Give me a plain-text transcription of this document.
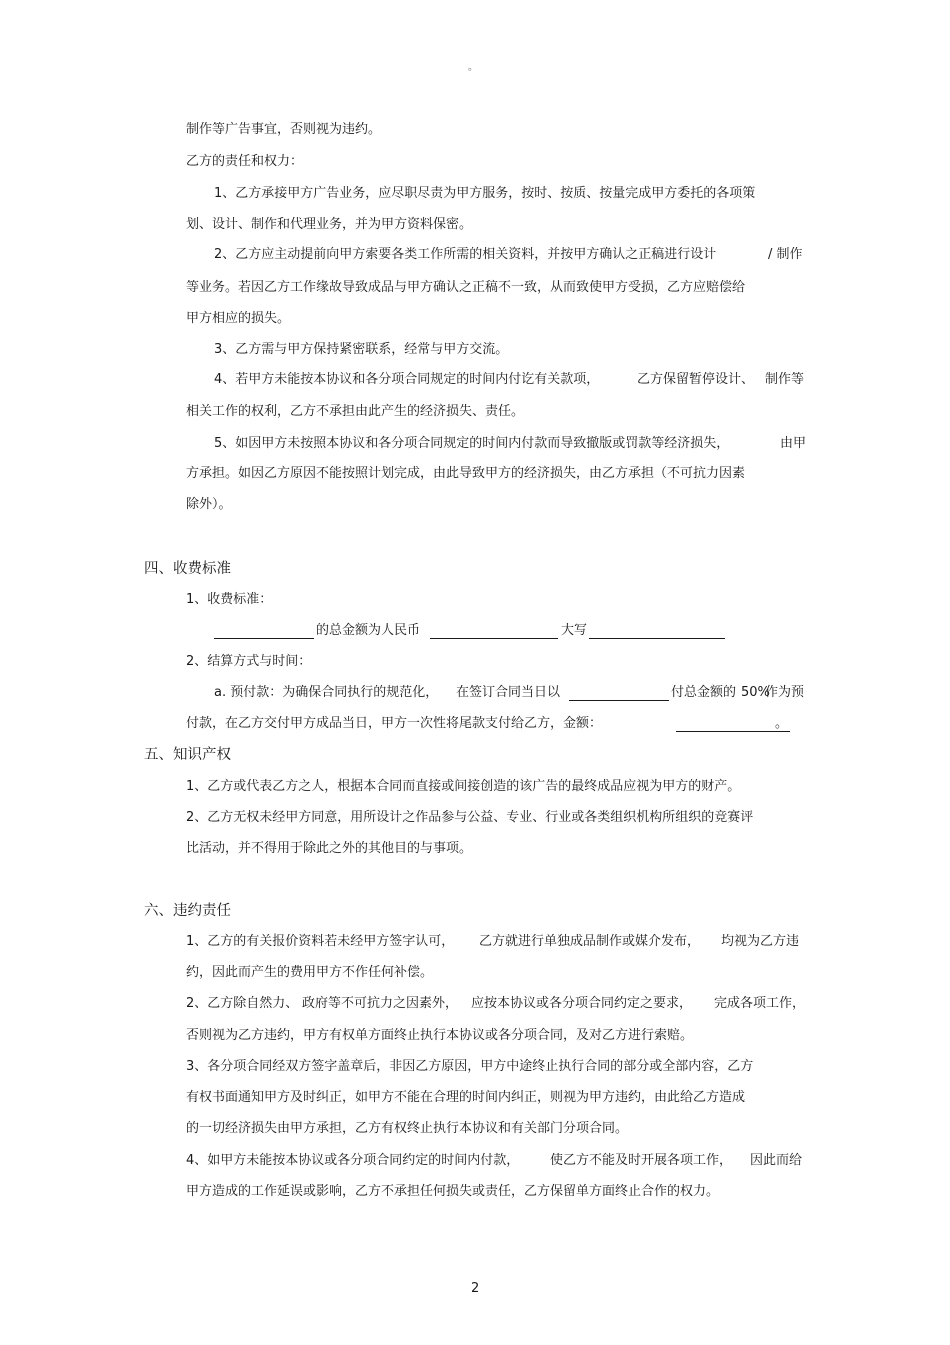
。
制作等广告事宜，否则视为违约。
乙方的责任和权力：
1、乙方承接甲方广告业务，应尽职尽责为甲方服务，按时、按质、按量完成甲方委托的各项策
划、设计、制作和代理业务，并为甲方资料保密。
2、乙方应主动提前向甲方索要各类工作所需的相关资料，并按甲方确认之正稿进行设计	/ 制作
等业务。若因乙方工作缘故导致成品与甲方确认之正稿不一致，从而致使甲方受损，乙方应赔偿给
甲方相应的损失。
3、乙方需与甲方保持紧密联系，经常与甲方交流。
4、若甲方未能按本协议和各分项合同规定的时间内付讫有关款项，	乙方保留暂停设计、 制作等
相关工作的权利，乙方不承担由此产生的经济损失、责任。
5、如因甲方未按照本协议和各分项合同规定的时间内付款而导致撤版或罚款等经济损失，	由甲
方承担。如因乙方原因不能按照计划完成，由此导致甲方的经济损失，由乙方承担（不可抗力因素
除外）。
四、收费标准
1、收费标准：
的总金额为人民币	大写
2、结算方式与时间：
a. 预付款：为确保合同执行的规范化， 在签订合同当日以	付总金额的 50%
作为预
付款，在乙方交付甲方成品当日，甲方一次性将尾款支付给乙方，金额：	。
五、知识产权
1、乙方或代表乙方之人，根据本合同而直接或间接创造的该广告的最终成品应视为甲方的财产。
2、乙方无权未经甲方同意，用所设计之作品参与公益、专业、行业或各类组织机构所组织的竞赛评
比活动，并不得用于除此之外的其他目的与事项。
六、违约责任
1、乙方的有关报价资料若未经甲方签字认可， 乙方就进行单独成品制作或媒介发布， 均视为乙方违
约，因此而产生的费用甲方不作任何补偿。
2、乙方除自然力、 政府等不可抗力之因素外， 应按本协议或各分项合同约定之要求， 完成各项工作，
否则视为乙方违约，甲方有权单方面终止执行本协议或各分项合同，及对乙方进行索赔。
3、各分项合同经双方签字盖章后，非因乙方原因，甲方中途终止执行合同的部分或全部内容，乙方
有权书面通知甲方及时纠正，如甲方不能在合理的时间内纠正，则视为甲方违约，由此给乙方造成
的一切经济损失由甲方承担，乙方有权终止执行本协议和有关部门分项合同。
4、如甲方未能按本协议或各分项合同约定的时间内付款， 使乙方不能及时开展各项工作， 因此而给
甲方造成的工作延误或影响，乙方不承担任何损失或责任，乙方保留单方面终止合作的权力。
2
